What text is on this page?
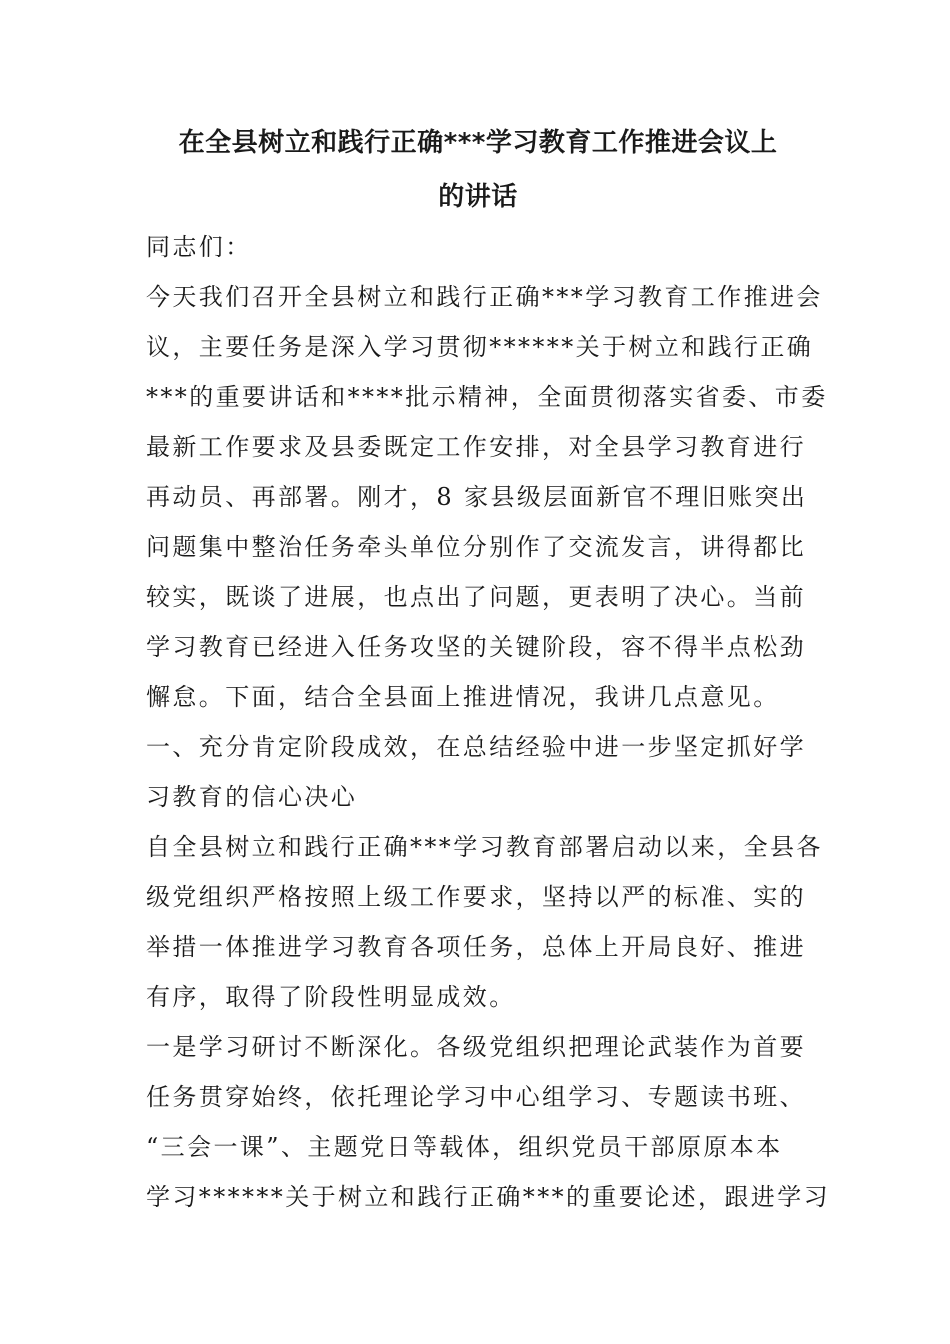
在全县树立和践行正确***学习教育工作推进会议上
的讲话

同志们：

今天我们召开全县树立和践行正确***学习教育工作推进会
议，主要任务是深入学习贯彻******关于树立和践行正确
***的重要讲话和****批示精神，全面贯彻落实省委、市委
最新工作要求及县委既定工作安排，对全县学习教育进行
再动员、再部署。刚才，8 家县级层面新官不理旧账突出
问题集中整治任务牵头单位分别作了交流发言，讲得都比
较实，既谈了进展，也点出了问题，更表明了决心。当前
学习教育已经进入任务攻坚的关键阶段，容不得半点松劲
懈怠。下面，结合全县面上推进情况，我讲几点意见。

一、充分肯定阶段成效，在总结经验中进一步坚定抓好学
习教育的信心决心

自全县树立和践行正确***学习教育部署启动以来，全县各
级党组织严格按照上级工作要求，坚持以严的标准、实的
举措一体推进学习教育各项任务，总体上开局良好、推进
有序，取得了阶段性明显成效。

一是学习研讨不断深化。各级党组织把理论武装作为首要
任务贯穿始终，依托理论学习中心组学习、专题读书班、
“三会一课”、主题党日等载体，组织党员干部原原本本
学习******关于树立和践行正确***的重要论述，跟进学习
